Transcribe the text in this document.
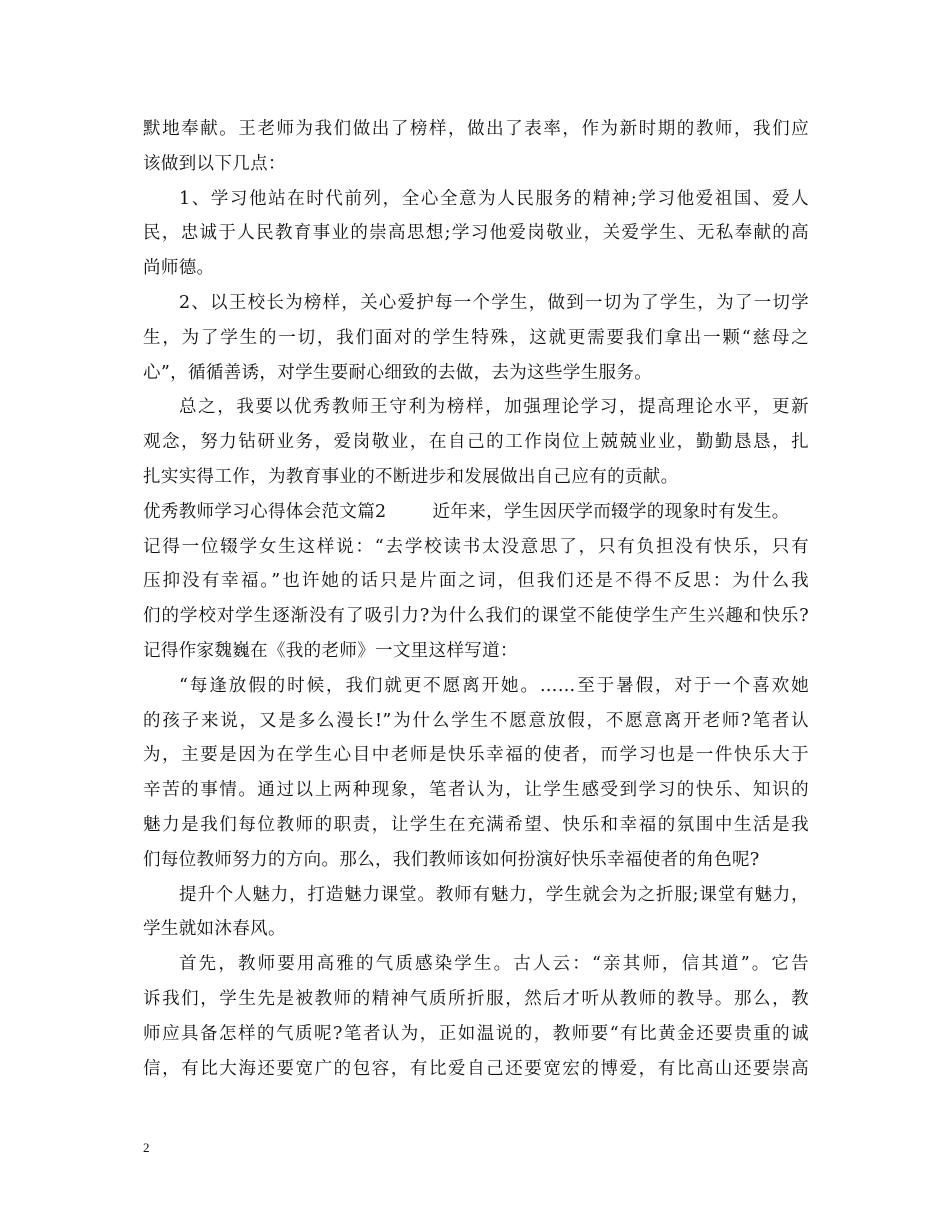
默地奉献。王老师为我们做出了榜样，做出了表率，作为新时期的教师，我们应
该做到以下几点：
1、学习他站在时代前列，全心全意为人民服务的精神;学习他爱祖国、爱人
民，忠诚于人民教育事业的崇高思想;学习他爱岗敬业，关爱学生、无私奉献的高
尚师德。
2、以王校长为榜样，关心爱护每一个学生，做到一切为了学生，为了一切学
生，为了学生的一切，我们面对的学生特殊，这就更需要我们拿出一颗“慈母之
心”，循循善诱，对学生要耐心细致的去做，去为这些学生服务。
总之，我要以优秀教师王守利为榜样，加强理论学习，提高理论水平，更新
观念，努力钻研业务，爱岗敬业，在自己的工作岗位上兢兢业业，勤勤恳恳，扎
扎实实得工作，为教育事业的不断进步和发展做出自己应有的贡献。
优秀教师学习心得体会范文篇2	近年来，学生因厌学而辍学的现象时有发生。
记得一位辍学女生这样说：“去学校读书太没意思了，只有负担没有快乐，只有
压抑没有幸福。”也许她的话只是片面之词，但我们还是不得不反思：为什么我
们的学校对学生逐渐没有了吸引力?为什么我们的课堂不能使学生产生兴趣和快乐?
记得作家魏巍在《我的老师》一文里这样写道：
“每逢放假的时候，我们就更不愿离开她。……至于暑假，对于一个喜欢她
的孩子来说，又是多么漫长!”为什么学生不愿意放假，不愿意离开老师?笔者认
为，主要是因为在学生心目中老师是快乐幸福的使者，而学习也是一件快乐大于
辛苦的事情。通过以上两种现象，笔者认为，让学生感受到学习的快乐、知识的
魅力是我们每位教师的职责，让学生在充满希望、快乐和幸福的氛围中生活是我
们每位教师努力的方向。那么，我们教师该如何扮演好快乐幸福使者的角色呢?
提升个人魅力，打造魅力课堂。教师有魅力，学生就会为之折服;课堂有魅力，
学生就如沐春风。
首先，教师要用高雅的气质感染学生。古人云：“亲其师，信其道”。它告
诉我们，学生先是被教师的精神气质所折服，然后才听从教师的教导。那么，教
师应具备怎样的气质呢?笔者认为，正如温说的，教师要“有比黄金还要贵重的诚
信，有比大海还要宽广的包容，有比爱自己还要宽宏的博爱，有比高山还要崇高
2
